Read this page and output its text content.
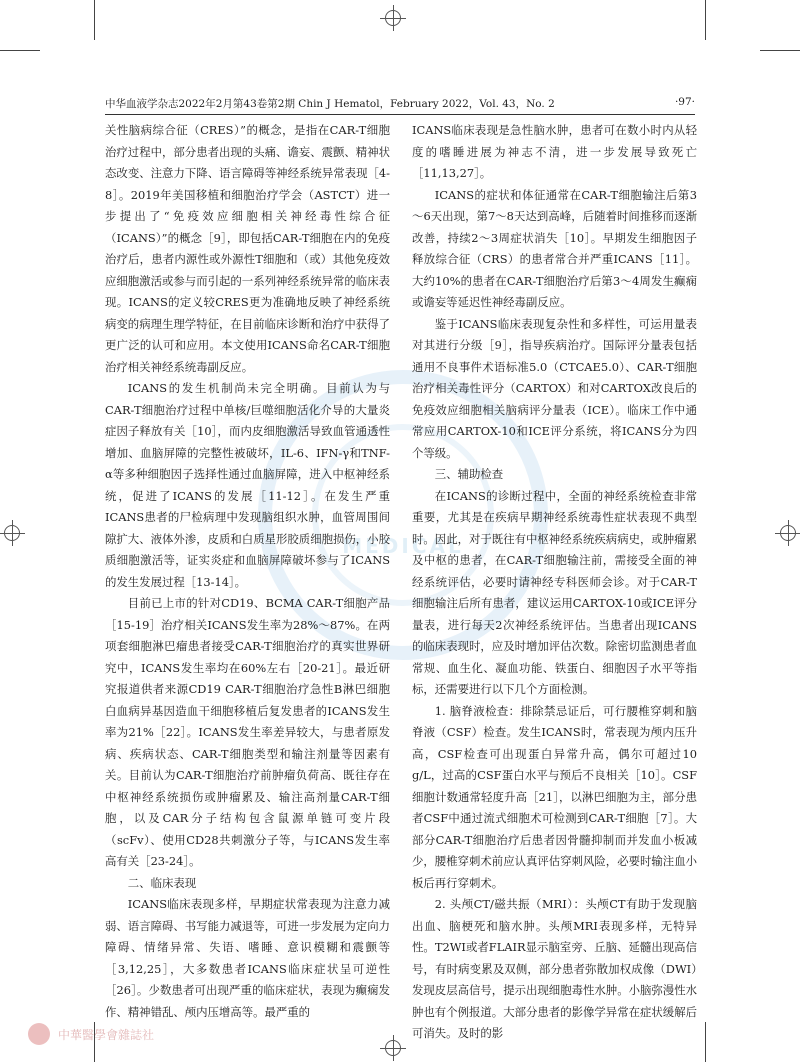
中华血液学杂志2022年2月第43卷第2期 Chin J Hematol，February 2022，Vol. 43，No. 2	·97·
MEDICAL

关性脑病综合征（CRES）”的概念，是指在CAR-T细胞治疗过程中，部分患者出现的头痛、谵妄、震颤、精神状态改变、注意力下降、语言障碍等神经系统异常表现［4-8］。2019年美国移植和细胞治疗学会（ASTCT）进一步提出了“免疫效应细胞相关神经毒性综合征（ICANS）”的概念［9］，即包括CAR-T细胞在内的免疫治疗后，患者内源性或外源性T细胞和（或）其他免疫效应细胞激活或参与而引起的一系列神经系统异常的临床表现。ICANS的定义较CRES更为准确地反映了神经系统病变的病理生理学特征，在目前临床诊断和治疗中获得了更广泛的认可和应用。本文使用ICANS命名CAR-T细胞治疗相关神经系统毒副反应。

ICANS的发生机制尚未完全明确。目前认为与CAR-T细胞治疗过程中单核/巨噬细胞活化介导的大量炎症因子释放有关［10］，而内皮细胞激活导致血管通透性增加、血脑屏障的完整性被破坏，IL-6、IFN-γ和TNF-α等多种细胞因子选择性通过血脑屏障，进入中枢神经系统，促进了ICANS的发展［11-12］。在发生严重ICANS患者的尸检病理中发现脑组织水肿，血管周围间隙扩大、液体外渗，皮质和白质星形胶质细胞损伤，小胶质细胞激活等，证实炎症和血脑屏障破坏参与了ICANS的发生发展过程［13-14］。

目前已上市的针对CD19、BCMA CAR-T细胞产品［15-19］治疗相关ICANS发生率为28%～87%。在两项套细胞淋巴瘤患者接受CAR-T细胞治疗的真实世界研究中，ICANS发生率均在60%左右［20-21］。最近研究报道供者来源CD19 CAR-T细胞治疗急性B淋巴细胞白血病异基因造血干细胞移植后复发患者的ICANS发生率为21%［22］。ICANS发生率差异较大，与患者原发病、疾病状态、CAR-T细胞类型和输注剂量等因素有关。目前认为CAR-T细胞治疗前肿瘤负荷高、既往存在中枢神经系统损伤或肿瘤累及、输注高剂量CAR-T细胞，以及CAR分子结构包含鼠源单链可变片段（scFv）、使用CD28共刺激分子等，与ICANS发生率高有关［23-24］。

二、临床表现

ICANS临床表现多样，早期症状常表现为注意力减弱、语言障碍、书写能力减退等，可进一步发展为定向力障碍、情绪异常、失语、嗜睡、意识模糊和震颤等［3,12,25］，大多数患者ICANS临床症状呈可逆性［26］。少数患者可出现严重的临床症状，表现为癫痫发作、精神错乱、颅内压增高等。最严重的

ICANS临床表现是急性脑水肿，患者可在数小时内从轻度的嗜睡进展为神志不清，进一步发展导致死亡［11,13,27］。

ICANS的症状和体征通常在CAR-T细胞输注后第3～6天出现，第7～8天达到高峰，后随着时间推移而逐渐改善，持续2～3周症状消失［10］。早期发生细胞因子释放综合征（CRS）的患者常合并严重ICANS［11］。大约10%的患者在CAR-T细胞治疗后第3～4周发生癫痫或谵妄等延迟性神经毒副反应。

鉴于ICANS临床表现复杂性和多样性，可运用量表对其进行分级［9］，指导疾病治疗。国际评分量表包括通用不良事件术语标准5.0（CTCAE5.0）、CAR-T细胞治疗相关毒性评分（CARTOX）和对CARTOX改良后的免疫效应细胞相关脑病评分量表（ICE）。临床工作中通常应用CARTOX-10和ICE评分系统，将ICANS分为四个等级。

三、辅助检查

在ICANS的诊断过程中，全面的神经系统检查非常重要，尤其是在疾病早期神经系统毒性症状表现不典型时。因此，对于既往有中枢神经系统疾病病史，或肿瘤累及中枢的患者，在CAR-T细胞输注前，需接受全面的神经系统评估，必要时请神经专科医师会诊。对于CAR-T细胞输注后所有患者，建议运用CARTOX-10或ICE评分量表，进行每天2次神经系统评估。当患者出现ICANS的临床表现时，应及时增加评估次数。除密切监测患者血常规、血生化、凝血功能、铁蛋白、细胞因子水平等指标，还需要进行以下几个方面检测。

1. 脑脊液检查：排除禁忌证后，可行腰椎穿刺和脑脊液（CSF）检查。发生ICANS时，常表现为颅内压升高，CSF检查可出现蛋白异常升高，偶尔可超过10 g/L，过高的CSF蛋白水平与预后不良相关［10］。CSF细胞计数通常轻度升高［21］，以淋巴细胞为主，部分患者CSF中通过流式细胞术可检测到CAR-T细胞［7］。大部分CAR-T细胞治疗后患者因骨髓抑制而并发血小板减少，腰椎穿刺术前应认真评估穿刺风险，必要时输注血小板后再行穿刺术。

2. 头颅CT/磁共振（MRI）：头颅CT有助于发现脑出血、脑梗死和脑水肿。头颅MRI表现多样，无特异性。T2WI或者FLAIR显示脑室旁、丘脑、延髓出现高信号，有时病变累及双侧，部分患者弥散加权成像（DWI）发现皮层高信号，提示出现细胞毒性水肿。小脑弥漫性水肿也有个例报道。大部分患者的影像学异常在症状缓解后可消失。及时的影

中華醫學會雜誌社
